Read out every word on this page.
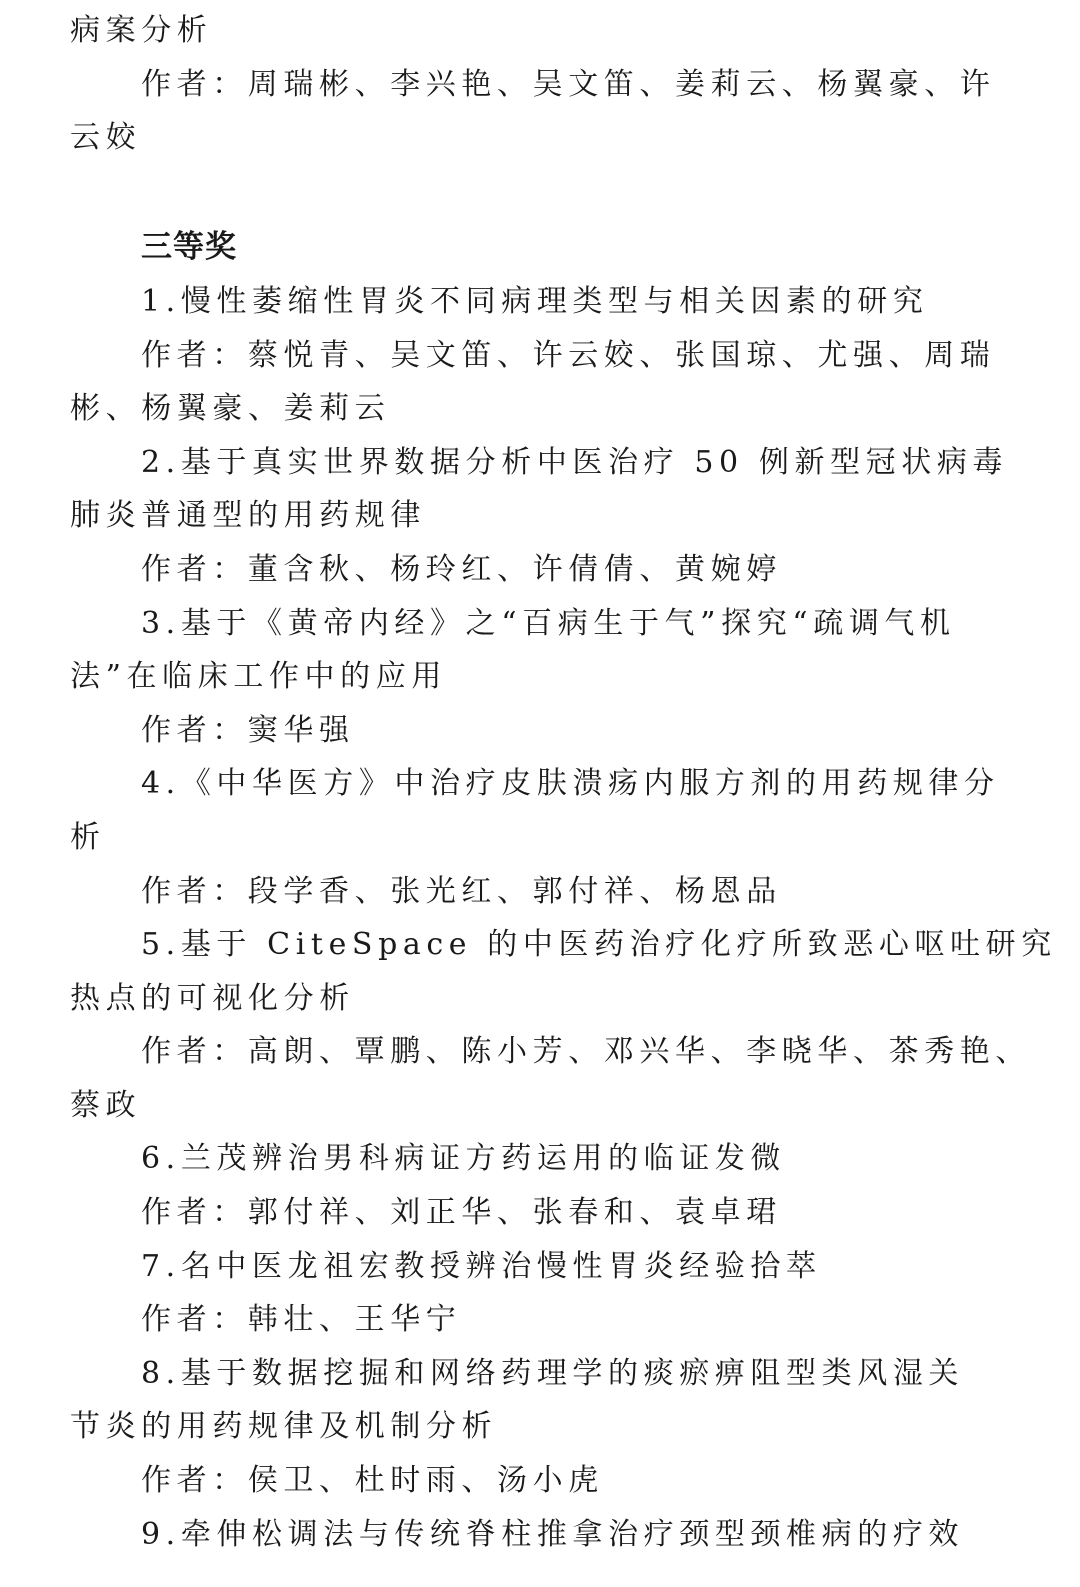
病案分析

作者：周瑞彬、李兴艳、吴文笛、姜莉云、杨翼豪、许

云姣

三等奖

1.慢性萎缩性胃炎不同病理类型与相关因素的研究

作者：蔡悦青、吴文笛、许云姣、张国琼、尤强、周瑞

彬、杨翼豪、姜莉云

2.基于真实世界数据分析中医治疗 50 例新型冠状病毒

肺炎普通型的用药规律

作者：董含秋、杨玲红、许倩倩、黄婉婷

3.基于《黄帝内经》之“百病生于气”探究“疏调气机

法”在临床工作中的应用

作者：窦华强

4.《中华医方》中治疗皮肤溃疡内服方剂的用药规律分

析

作者：段学香、张光红、郭付祥、杨恩品

5.基于 CiteSpace 的中医药治疗化疗所致恶心呕吐研究

热点的可视化分析

作者：高朗、覃鹏、陈小芳、邓兴华、李晓华、茶秀艳、

蔡政

6.兰茂辨治男科病证方药运用的临证发微

作者：郭付祥、刘正华、张春和、袁卓珺

7.名中医龙祖宏教授辨治慢性胃炎经验拾萃

作者：韩壮、王华宁

8.基于数据挖掘和网络药理学的痰瘀痹阻型类风湿关

节炎的用药规律及机制分析

作者：侯卫、杜时雨、汤小虎

9.牵伸松调法与传统脊柱推拿治疗颈型颈椎病的疗效
